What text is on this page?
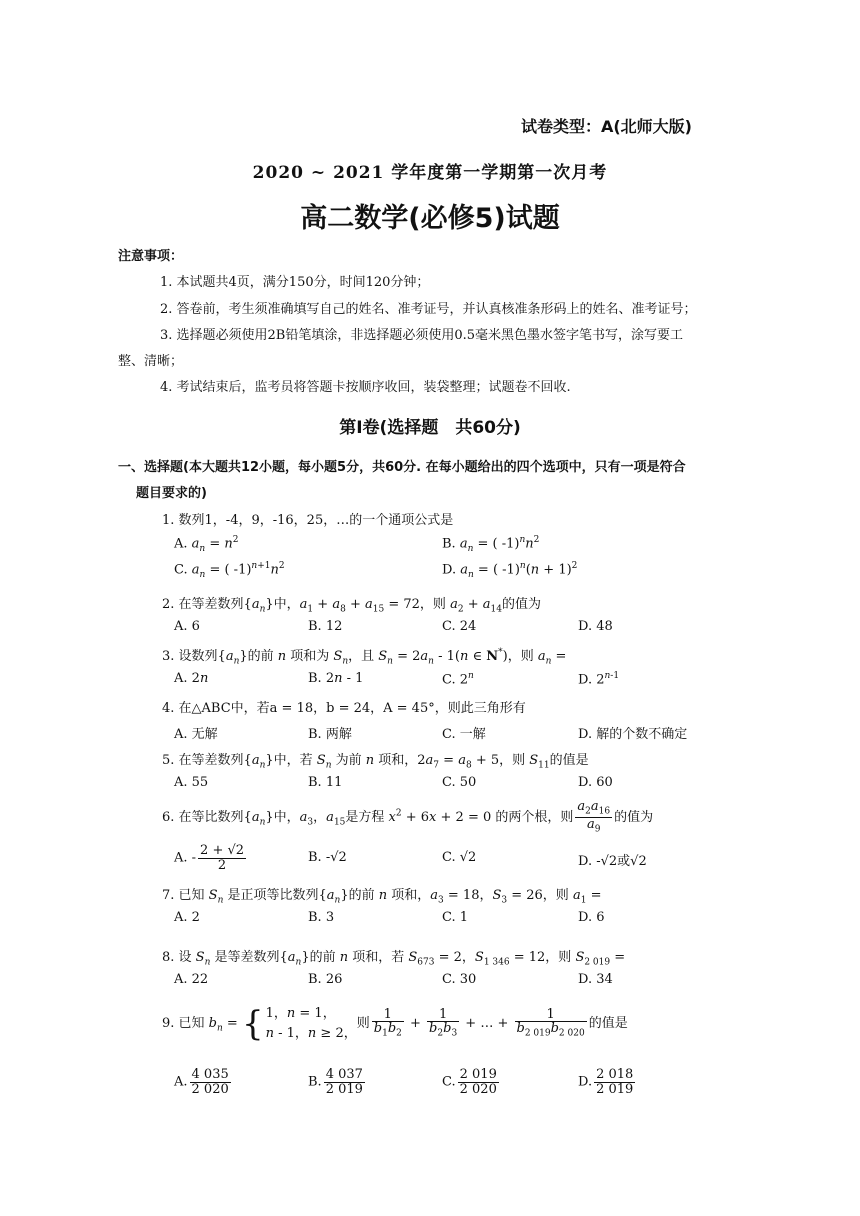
试卷类型：A(北师大版)
2020 ~ 2021 学年度第一学期第一次月考
高二数学(必修5)试题
注意事项：
1. 本试题共4页，满分150分，时间120分钟；
2. 答卷前，考生须准确填写自己的姓名、准考证号，并认真核准条形码上的姓名、准考证号；
3. 选择题必须使用2B铅笔填涂，非选择题必须使用0.5毫米黑色墨水签字笔书写，涂写要工
整、清晰；
4. 考试结束后，监考员将答题卡按顺序收回，装袋整理；试题卷不回收.
第Ⅰ卷(选择题　共60分)
一、选择题(本大题共12小题，每小题5分，共60分. 在每小题给出的四个选项中，只有一项是符合
题目要求的)
1. 数列1，-4，9，-16，25，…的一个通项公式是
A. $a_n = n^2$	B. $a_n$ = ( $-1)^nn^2$
C. $a_n$ = ( $-1)^{n+1}n^2$	D. $a_n$ = ( $-1)^n(n + 1)^2$
2. 在等差数列$\{a_n\}$中，$a_1 + a_8 + a_{15} = 72$，则 $a_2 + a_{14}$的值为
A. 6	B. 12	C. 24	D. 48
3. 设数列$\{a_n\}$的前 n 项和为 $S_n$，且 $S_n = 2a_n - 1(n$ ∈ N*)，则 $a_n$ =
A. 2n	B. 2n - 1	C. 2$^n$	D. 2$^{n-1}$
4. 在△ABC中，若a = 18，b = 24，A = 45°，则此三角形有
A. 无解	B. 两解	C. 一解	D. 解的个数不确定
5. 在等差数列$\{a_n\}$中，若 $S_n$ 为前 n 项和，$2a_7 = a_8 + 5$，则 $S_{11}$的值是
A. 55	B. 11	C. 50	D. 60
6. 在等比数列$\{a_n\}$中，$a_3$，$a_{15}$是方程 $x^2 + 6x + 2 = 0$ 的两个根，则 $\frac{a_2a_{16}}{a_9}$ 的值为
A. - $\frac{2 + √2}{2}$	B. -√2	C. √2	D. -√2或√2
7. 已知 $S_n$ 是正项等比数列$\{a_n\}$的前 n 项和，$a_3 = 18$，$S_3 = 26$，则 $a_1$ =
A. 2	B. 3	C. 1	D. 6
8. 设 $S_n$ 是等差数列$\{a_n\}$的前 n 项和，若 $S_{673} = 2$，$S_{1 346} = 12$，则 $S_{2 019}$ =
A. 22	B. 26	C. 30	D. 34
9. 已知 $b_n$ = { 1，n = 1，
n - 1，n ≥ 2，
则 $\frac{1}{b_1b_2} + \frac{1}{b_2b_3}$ + … + $\frac{1}{b_{2 019}b_{2 020}}$ 的值是
A. $\frac{4 035}{2 020}$	B. $\frac{4 037}{2 019}$	C. $\frac{2 019}{2 020}$	D. $\frac{2 018}{2 019}$
